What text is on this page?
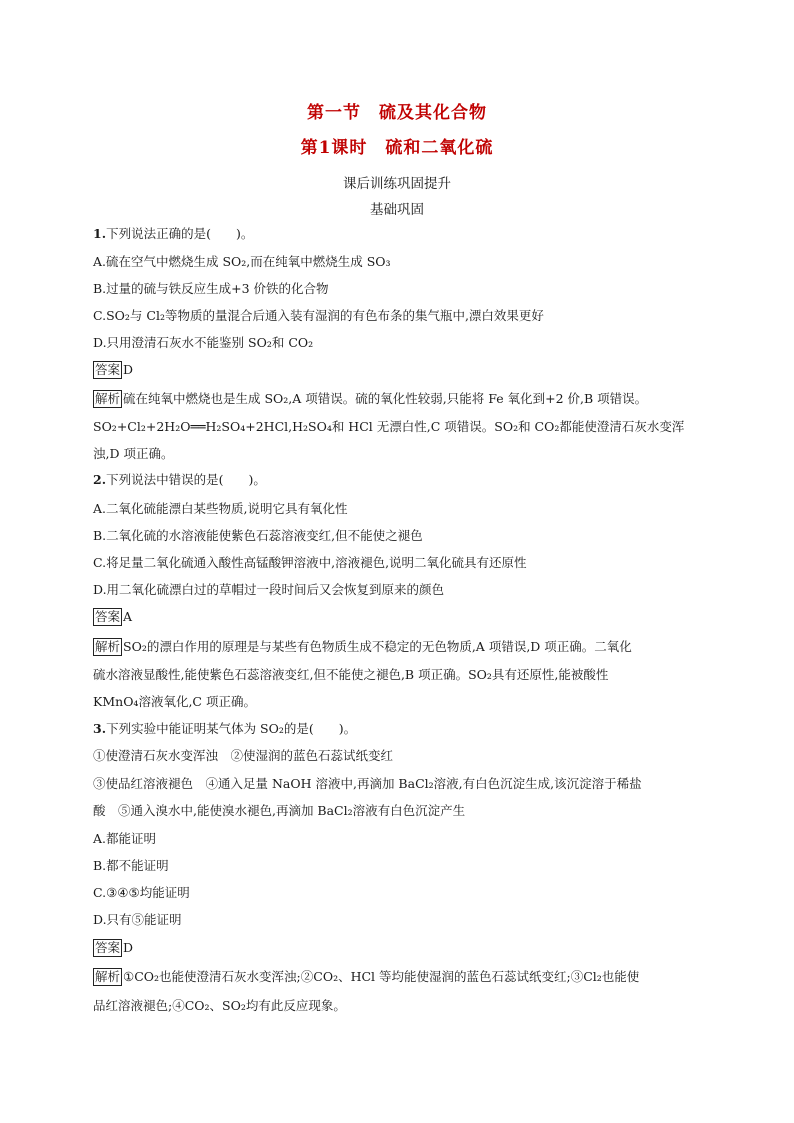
第一节　硫及其化合物
第1课时　硫和二氧化硫
课后训练巩固提升
基础巩固
1.下列说法正确的是(　　)。
A.硫在空气中燃烧生成 SO₂,而在纯氧中燃烧生成 SO₃
B.过量的硫与铁反应生成+3 价铁的化合物
C.SO₂与 Cl₂等物质的量混合后通入装有湿润的有色布条的集气瓶中,漂白效果更好
D.只用澄清石灰水不能鉴别 SO₂和 CO₂
答案 D
解析 硫在纯氧中燃烧也是生成 SO₂,A 项错误。硫的氧化性较弱,只能将 Fe 氧化到+2 价,B 项错误。
SO₂+Cl₂+2H₂O══H₂SO₄+2HCl,H₂SO₄和 HCl 无漂白性,C 项错误。SO₂和 CO₂都能使澄清石灰水变浑
浊,D 项正确。
2.下列说法中错误的是(　　)。
A.二氧化硫能漂白某些物质,说明它具有氧化性
B.二氧化硫的水溶液能使紫色石蕊溶液变红,但不能使之褪色
C.将足量二氧化硫通入酸性高锰酸钾溶液中,溶液褪色,说明二氧化硫具有还原性
D.用二氧化硫漂白过的草帽过一段时间后又会恢复到原来的颜色
答案 A
解析 SO₂的漂白作用的原理是与某些有色物质生成不稳定的无色物质,A 项错误,D 项正确。二氧化
硫水溶液显酸性,能使紫色石蕊溶液变红,但不能使之褪色,B 项正确。SO₂具有还原性,能被酸性
KMnO₄溶液氧化,C 项正确。
3.下列实验中能证明某气体为 SO₂的是(　　)。
①使澄清石灰水变浑浊　②使湿润的蓝色石蕊试纸变红
③使品红溶液褪色　④通入足量 NaOH 溶液中,再滴加 BaCl₂溶液,有白色沉淀生成,该沉淀溶于稀盐
酸　⑤通入溴水中,能使溴水褪色,再滴加 BaCl₂溶液有白色沉淀产生
A.都能证明
B.都不能证明
C.③④⑤均能证明
D.只有⑤能证明
答案 D
解析 ①CO₂也能使澄清石灰水变浑浊;②CO₂、HCl 等均能使湿润的蓝色石蕊试纸变红;③Cl₂也能使
品红溶液褪色;④CO₂、SO₂均有此反应现象。
